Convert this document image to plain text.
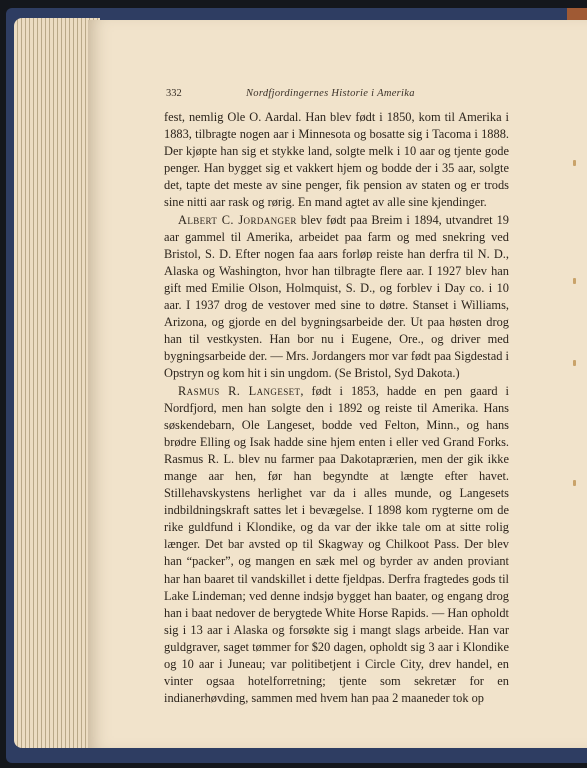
332	Nordfjordingernes Historie i Amerika

fest, nemlig Ole O. Aardal. Han blev født i 1850, kom til Amerika i 1883, tilbragte nogen aar i Minnesota og bosatte sig i Tacoma i 1888. Der kjøpte han sig et stykke land, solgte melk i 10 aar og tjente gode penger. Han bygget sig et vakkert hjem og bodde der i 35 aar, solgte det, tapte det meste av sine penger, fik pension av staten og er trods sine nitti aar rask og rørig. En mand agtet av alle sine kjendinger.

Albert C. Jordanger blev født paa Breim i 1894, utvandret 19 aar gammel til Amerika, arbeidet paa farm og med snekring ved Bristol, S. D. Efter nogen faa aars forløp reiste han derfra til N. D., Alaska og Washington, hvor han tilbragte flere aar. I 1927 blev han gift med Emilie Olson, Holmquist, S. D., og forblev i Day co. i 10 aar. I 1937 drog de vestover med sine to døtre. Stanset i Williams, Arizona, og gjorde en del bygningsarbeide der. Ut paa høsten drog han til vestkysten. Han bor nu i Eugene, Ore., og driver med bygningsarbeide der. — Mrs. Jordangers mor var født paa Sigdestad i Opstryn og kom hit i sin ungdom. (Se Bristol, Syd Dakota.)

Rasmus R. Langeset, født i 1853, hadde en pen gaard i Nordfjord, men han solgte den i 1892 og reiste til Amerika. Hans søskendebarn, Ole Langeset, bodde ved Felton, Minn., og hans brødre Elling og Isak hadde sine hjem enten i eller ved Grand Forks. Rasmus R. L. blev nu farmer paa Dakotaprærien, men der gik ikke mange aar hen, før han begyndte at længte efter havet. Stillehavskystens herlighet var da i alles munde, og Langesets indbildningskraft sattes let i bevægelse. I 1898 kom rygterne om de rike guldfund i Klondike, og da var der ikke tale om at sitte rolig længer. Det bar avsted op til Skagway og Chilkoot Pass. Der blev han “packer”, og mangen en sæk mel og byrder av anden proviant har han baaret til vandskillet i dette fjeldpas. Derfra fragtedes gods til Lake Lindeman; ved denne indsjø bygget han baater, og engang drog han i baat nedover de berygtede White Horse Rapids. — Han opholdt sig i 13 aar i Alaska og forsøkte sig i mangt slags arbeide. Han var guldgraver, saget tømmer for $20 dagen, opholdt sig 3 aar i Klondike og 10 aar i Juneau; var politibetjent i Circle City, drev handel, en vinter ogsaa hotelforretning; tjente som sekretær for en indianerhøvding, sammen med hvem han paa 2 maaneder tok op
